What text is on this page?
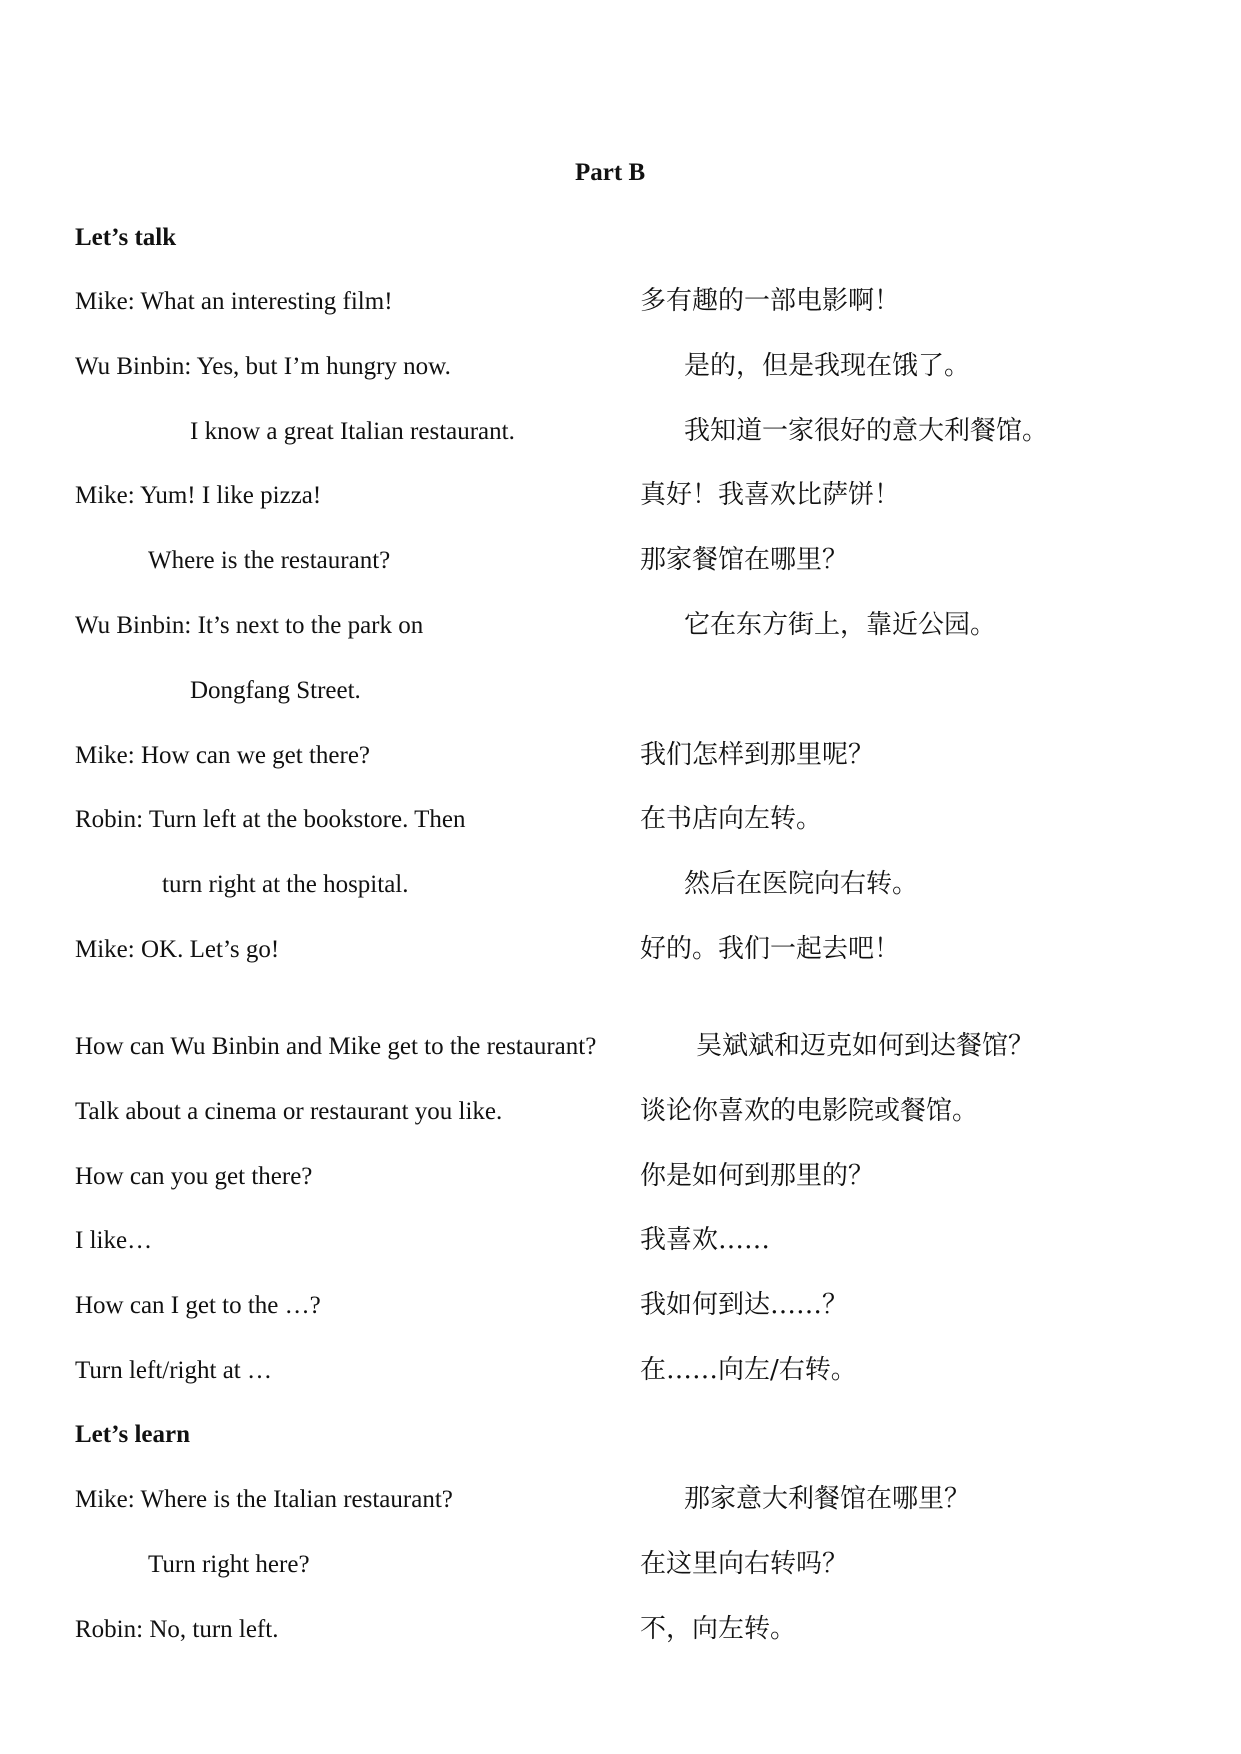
Part B
Let’s talk
Mike: What an interesting film!	多有趣的一部电影啊！
Wu Binbin: Yes, but I’m hungry now.	是的，但是我现在饿了。
I know a great Italian restaurant.	我知道一家很好的意大利餐馆。
Mike: Yum! I like pizza!	真好！我喜欢比萨饼！
Where is the restaurant?	那家餐馆在哪里？
Wu Binbin: It’s next to the park on	它在东方街上，靠近公园。
Dongfang Street.
Mike: How can we get there?	我们怎样到那里呢？
Robin: Turn left at the bookstore. Then	在书店向左转。
turn right at the hospital.	然后在医院向右转。
Mike: OK. Let’s go!	好的。我们一起去吧！
How can Wu Binbin and Mike get to the restaurant?	吴斌斌和迈克如何到达餐馆？
Talk about a cinema or restaurant you like.	谈论你喜欢的电影院或餐馆。
How can you get there?	你是如何到那里的？
I like…	我喜欢……
How can I get to the …?	我如何到达……？
Turn left/right at …	在……向左/右转。
Let’s learn
Mike: Where is the Italian restaurant?	那家意大利餐馆在哪里？
Turn right here?	在这里向右转吗？
Robin: No, turn left.	不，向左转。
